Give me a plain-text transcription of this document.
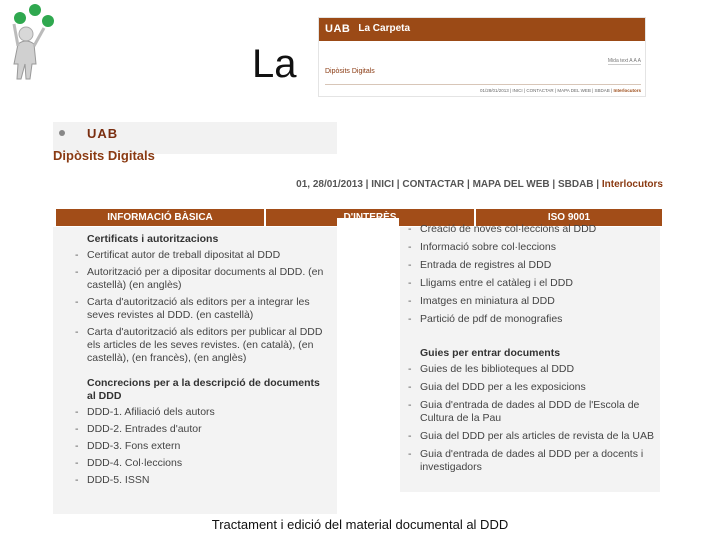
La
UAB La Carpeta
Mida text A A A
Dipòsits Digitals
01/28/01/2013 | INICI | CONTACTAR | MAPA DEL WEB | SBDAB | Interlocutors
UAB
Dipòsits Digitals
01, 28/01/2013 | INICI | CONTACTAR | MAPA DEL WEB | SBDAB | Interlocutors
INFORMACIÓ BÀSICA	ISO 9001
Certificats i autoritzacions
- Certificat autor de treball dipositat al DDD
- Autorització per a dipositar documents al DDD. (en castellà) (en anglès)
- Carta d'autorització als editors per a integrar les seves revistes al DDD. (en castellà)
- Carta d'autorització als editors per publicar al DDD els articles de les seves revistes. (en català), (en castellà), (en francès), (en anglès)
Concrecions per a la descripció de documents al DDD
- DDD-1. Afiliació dels autors
- DDD-2. Entrades d'autor
- DDD-3. Fons extern
- DDD-4. Col·leccions
- DDD-5. ISSN
- Creació de noves col·leccions al DDD
- Informació sobre col·leccions
- Entrada de registres al DDD
- Lligams entre el catàleg i el DDD
- Imatges en miniatura al DDD
- Partició de pdf de monografies
Guies per entrar documents
- Guies de les biblioteques al DDD
- Guia del DDD per a les exposicions
- Guia d'entrada de dades al DDD de l'Escola de Cultura de la Pau
- Guia del DDD per als articles de revista de la UAB
- Guia d'entrada de dades al DDD per a docents i investigadors
Tractament i edició del material documental al DDD
